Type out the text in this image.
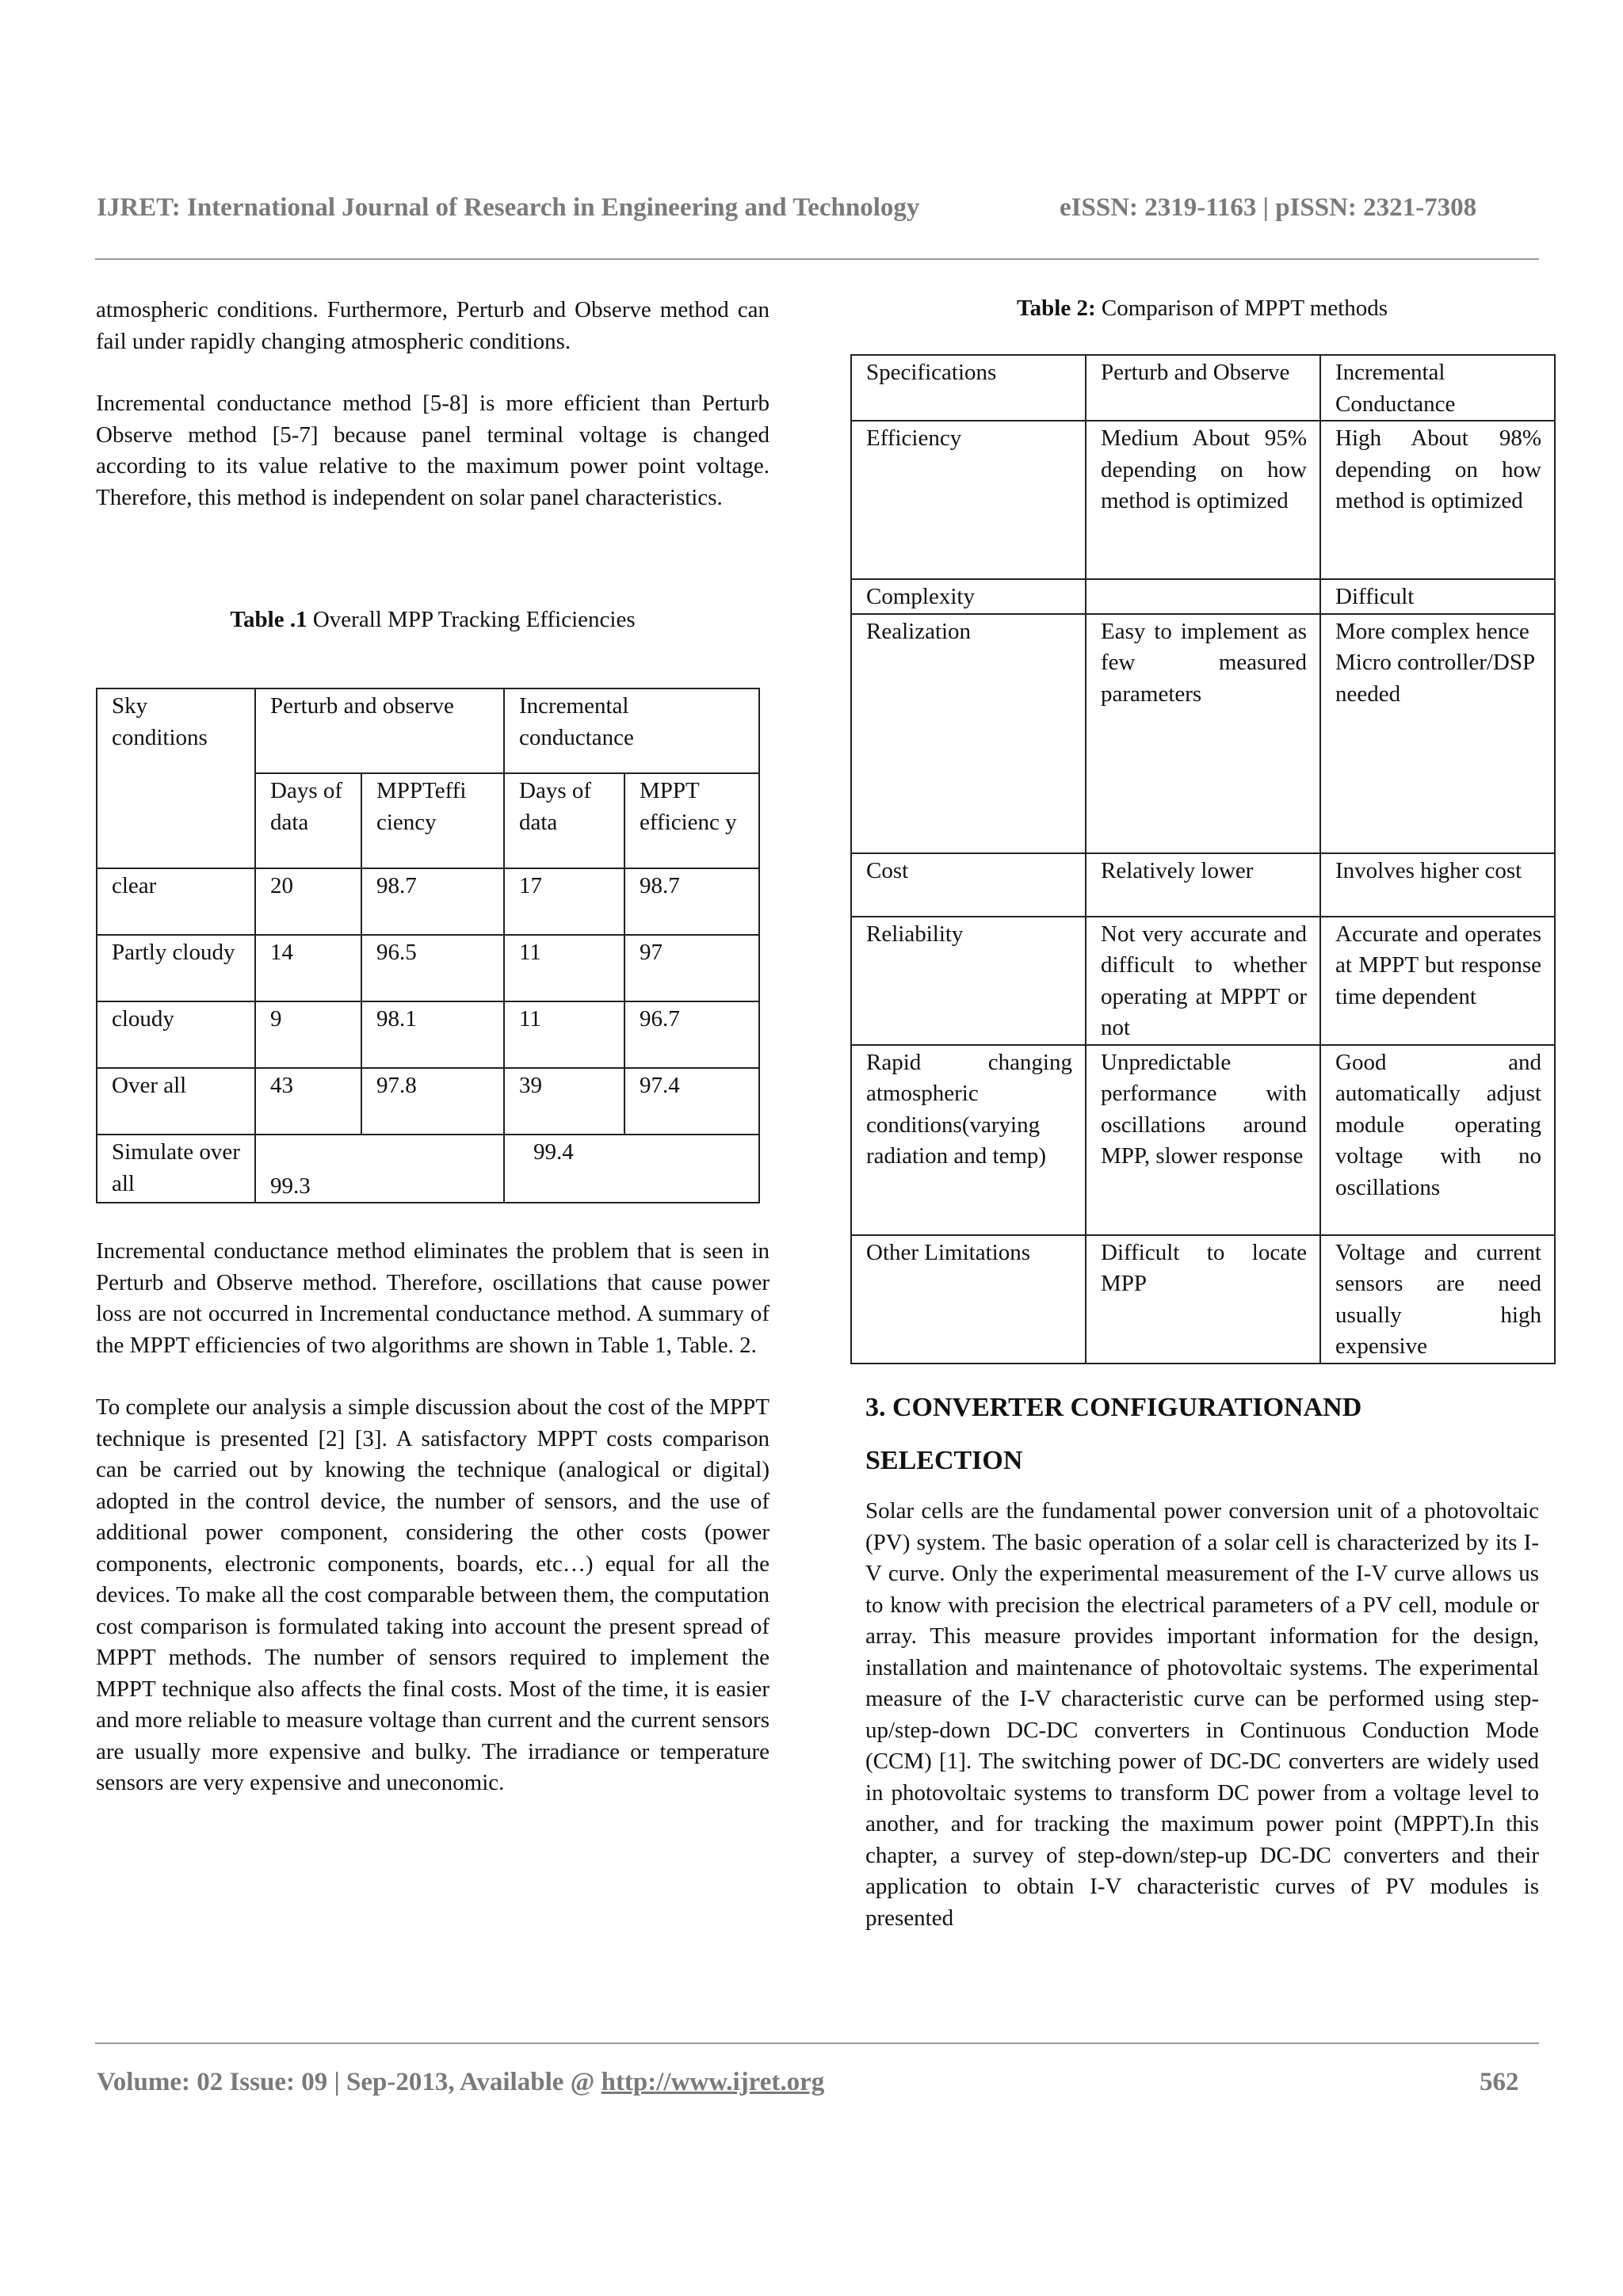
IJRET: International Journal of Research in Engineering and Technology	eISSN: 2319-1163 | pISSN: 2321-7308

atmospheric conditions. Furthermore, Perturb and Observe method can fail under rapidly changing atmospheric conditions.

Incremental conductance method [5-8] is more efficient than Perturb Observe method [5-7] because panel terminal voltage is changed according to its value relative to the maximum power point voltage. Therefore, this method is independent on solar panel characteristics.

Table .1 Overall MPP Tracking Efficiencies
Sky conditions	Perturb and observe		Incremental conductance	
	Days of data	MPPTeffi ciency	Days of data	MPPT efficienc y
clear	20	98.7	17	98.7
Partly cloudy	14	96.5	11	97
cloudy	9	98.1	11	96.7
Over all	43	97.8	39	97.4
Simulate over all	99.3		99.4	

Incremental conductance method eliminates the problem that is seen in Perturb and Observe method. Therefore, oscillations that cause power loss are not occurred in Incremental conductance method. A summary of the MPPT efficiencies of two algorithms are shown in Table 1, Table. 2.

To complete our analysis a simple discussion about the cost of the MPPT technique is presented [2] [3]. A satisfactory MPPT costs comparison can be carried out by knowing the technique (analogical or digital) adopted in the control device, the number of sensors, and the use of additional power component, considering the other costs (power components, electronic components, boards, etc…) equal for all the devices. To make all the cost comparable between them, the computation cost comparison is formulated taking into account the present spread of MPPT methods. The number of sensors required to implement the MPPT technique also affects the final costs. Most of the time, it is easier and more reliable to measure voltage than current and the current sensors are usually more expensive and bulky. The irradiance or temperature sensors are very expensive and uneconomic.

Table 2: Comparison of MPPT methods
Specifications	Perturb and Observe	Incremental Conductance
Efficiency	Medium About 95% depending on how method is optimized	High About 98% depending on how method is optimized
Complexity		Difficult
Realization	Easy to implement as few measured parameters	More complex hence Micro controller/DSP needed
Cost	Relatively lower	Involves higher cost
Reliability	Not very accurate and difficult to whether operating at MPPT or not	Accurate and operates at MPPT but response time dependent
Rapid changing atmospheric conditions(varying radiation and temp)	Unpredictable performance with oscillations around MPP, slower response	Good and automatically adjust module operating voltage with no oscillations
Other Limitations	Difficult to locate MPP	Voltage and current sensors are need usually high expensive
3. CONVERTER CONFIGURATIONAND
SELECTION

Solar cells are the fundamental power conversion unit of a photovoltaic (PV) system. The basic operation of a solar cell is characterized by its I-V curve. Only the experimental measurement of the I-V curve allows us to know with precision the electrical parameters of a PV cell, module or array. This measure provides important information for the design, installation and maintenance of photovoltaic systems. The experimental measure of the I-V characteristic curve can be performed using step-up/step-down DC-DC converters in Continuous Conduction Mode (CCM) [1]. The switching power of DC-DC converters are widely used in photovoltaic systems to transform DC power from a voltage level to another, and for tracking the maximum power point (MPPT).In this chapter, a survey of step-down/step-up DC-DC converters and their application to obtain I-V characteristic curves of PV modules is presented

Volume: 02 Issue: 09 | Sep-2013, Available @ http://www.ijret.org	562
